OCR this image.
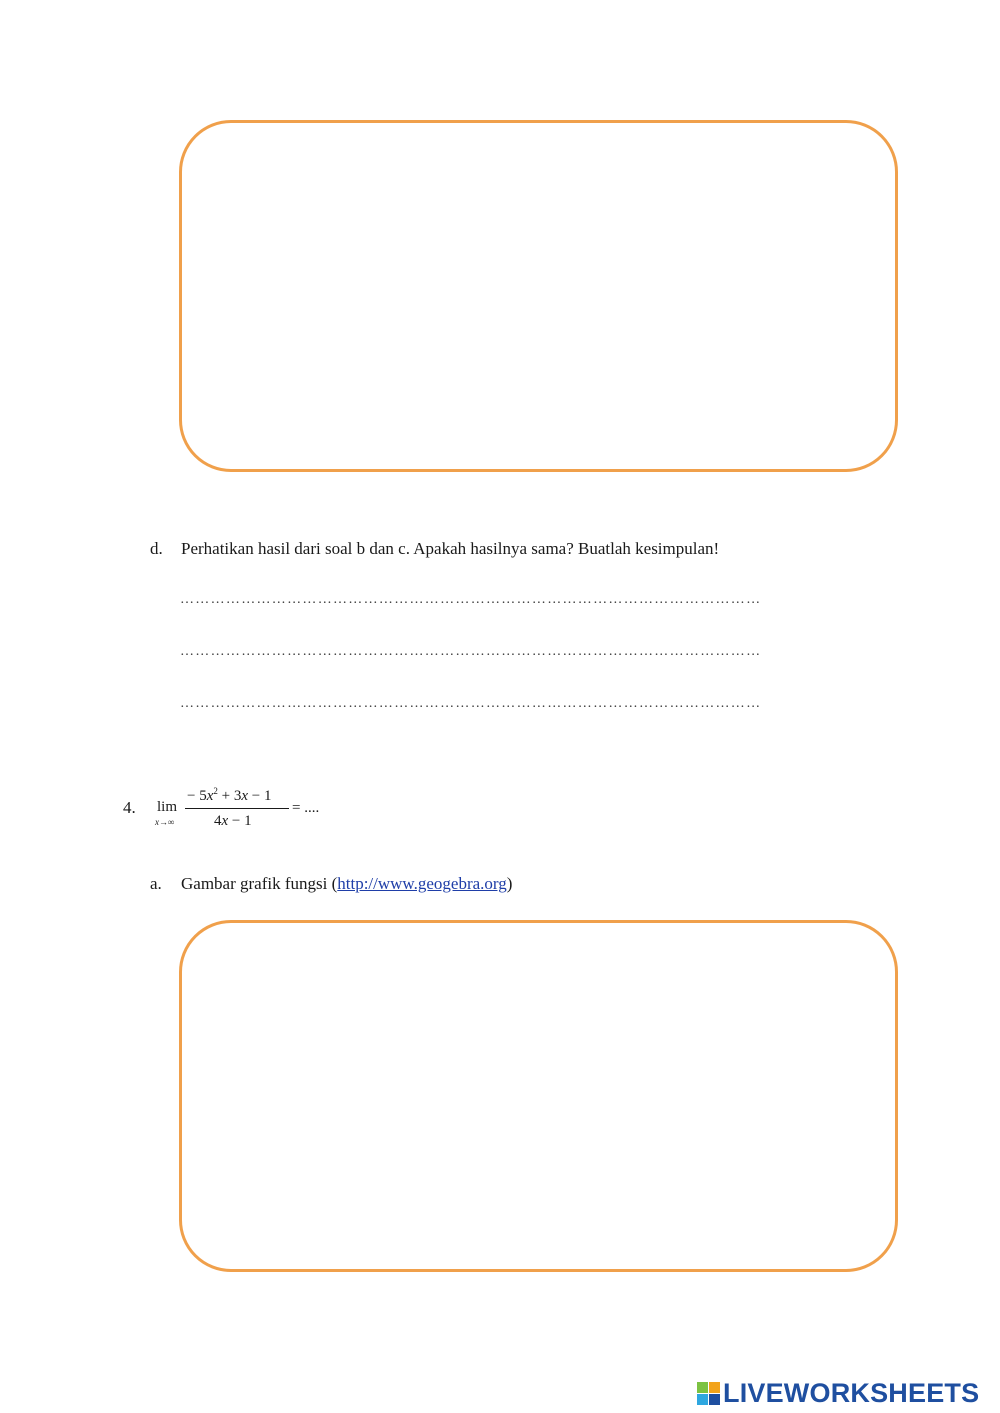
d. Perhatikan hasil dari soal b dan c. Apakah hasilnya sama? Buatlah kesimpulan!
……………………………………………………………………………………………………
……………………………………………………………………………………………………
……………………………………………………………………………………………………
4. lim
x→∞
− $5x^2 + 3x - 1$
4x − 1
= ....
a. Gambar grafik fungsi (http://www.geogebra.org)
LIVEWORKSHEETS
